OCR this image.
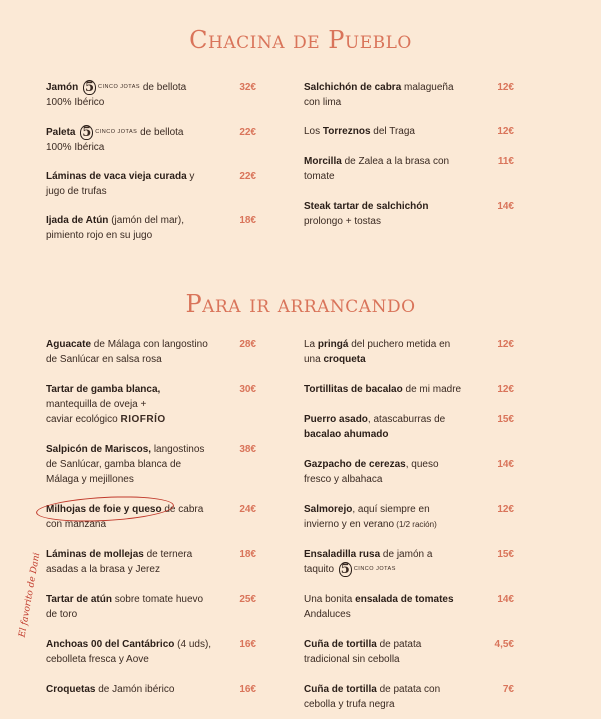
Chacina de Pueblo
Para ir arrancando
Jamón 5 CINCO JOTAS de bellota
100% Ibérico
32€
Paleta 5 CINCO JOTAS de bellota
100% Ibérica
22€
Láminas de vaca vieja curada y
jugo de trufas
22€
Ijada de Atún (jamón del mar),
pimiento rojo en su jugo
18€
Salchichón de cabra malagueña
con lima
12€
Los Torreznos del Traga	12€
Morcilla de Zalea a la brasa con
tomate
11€
Steak tartar de salchichón
prolongo + tostas
14€
Aguacate de Málaga con langostino
de Sanlúcar en salsa rosa
28€
Tartar de gamba blanca,
mantequilla de oveja +
caviar ecológico RIOFRÍO
30€
Salpicón de Mariscos, langostinos
de Sanlúcar, gamba blanca de
Málaga y mejillones
38€
Milhojas de foie y queso de cabra
con manzana
24€
Láminas de mollejas de ternera
asadas a la brasa y Jerez
18€
Tartar de atún sobre tomate huevo
de toro
25€
Anchoas 00 del Cantábrico (4 uds),
cebolleta fresca y Aove
16€
Croquetas de Jamón ibérico	16€
La pringá del puchero metida en
una croqueta
12€
Tortillitas de bacalao de mi madre	12€
Puerro asado, atascaburras de
bacalao ahumado
15€
Gazpacho de cerezas, queso
fresco y albahaca
14€
Salmorejo, aquí siempre en
invierno y en verano (1/2 ración)
12€
Ensaladilla rusa de jamón a
taquito 5 CINCO JOTAS
15€
Una bonita ensalada de tomates
Andaluces
14€
Cuña de tortilla de patata
tradicional sin cebolla
4,5€
Cuña de tortilla de patata con
cebolla y trufa negra
7€
El favorito de Dani
